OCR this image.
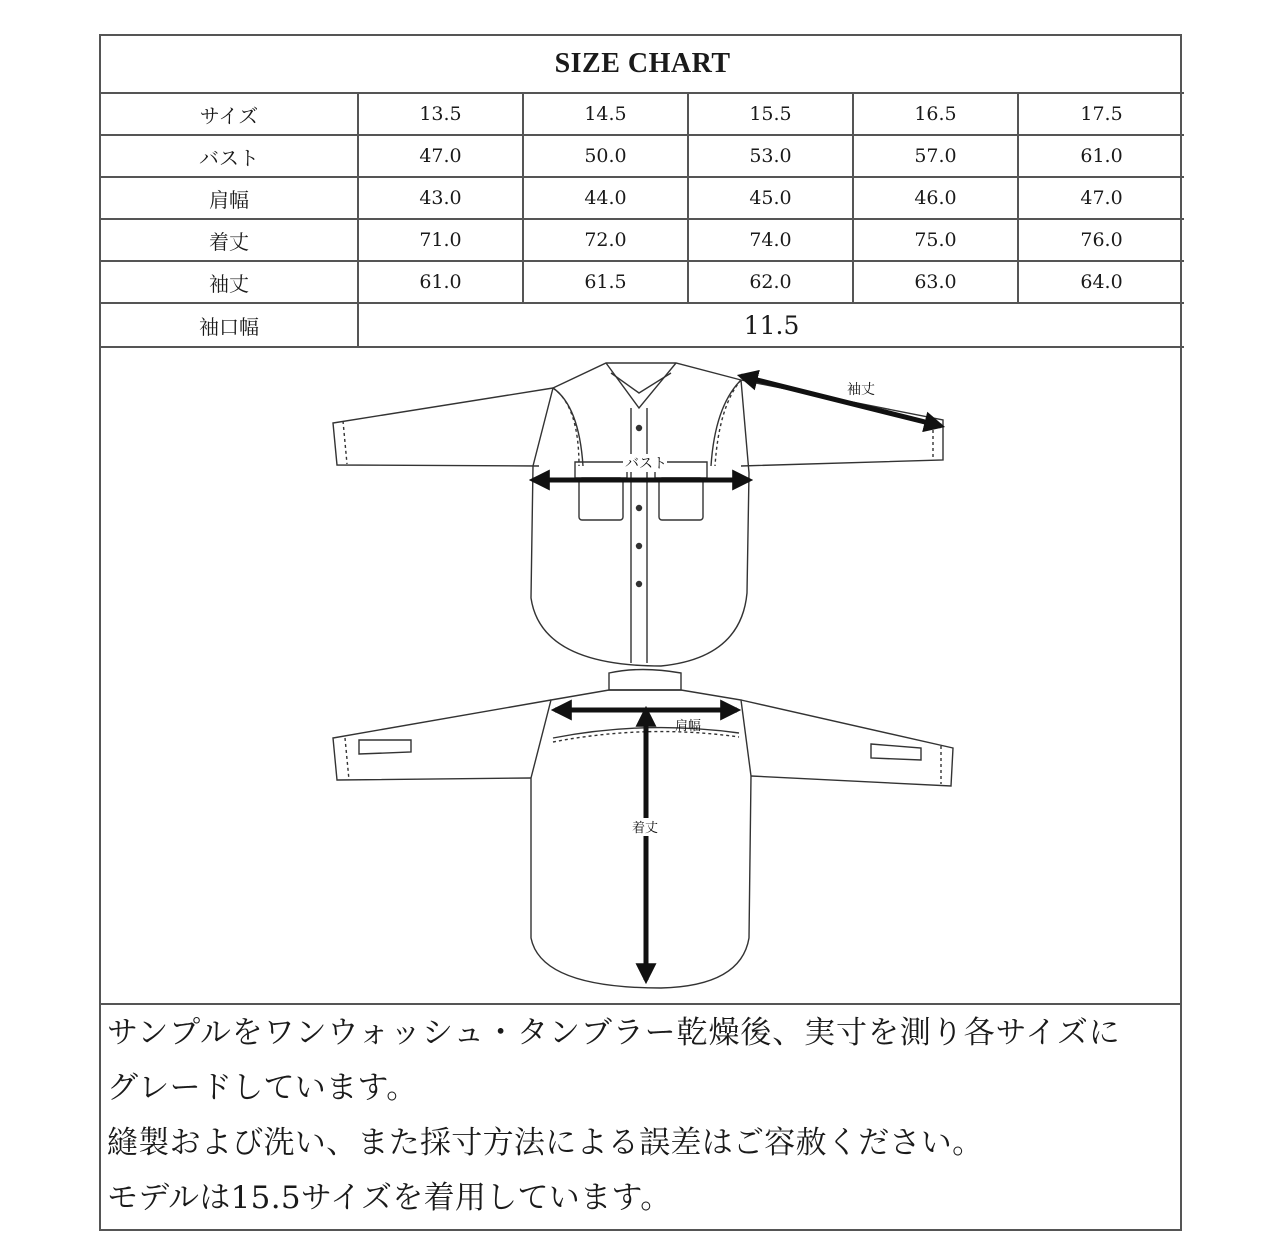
SIZE CHART					
サイズ	13.5	14.5	15.5	16.5	17.5
バスト	47.0	50.0	53.0	57.0	61.0
肩幅	43.0	44.0	45.0	46.0	47.0
着丈	71.0	72.0	74.0	75.0	76.0
袖丈	61.0	61.5	62.0	63.0	64.0
袖口幅	11.5				
袖丈
バスト
肩幅
着丈

サンプルをワンウォッシュ・タンブラー乾燥後、実寸を測り各サイズに

グレードしています。

縫製および洗い、また採寸方法による誤差はご容赦ください。

モデルは15.5サイズを着用しています。
